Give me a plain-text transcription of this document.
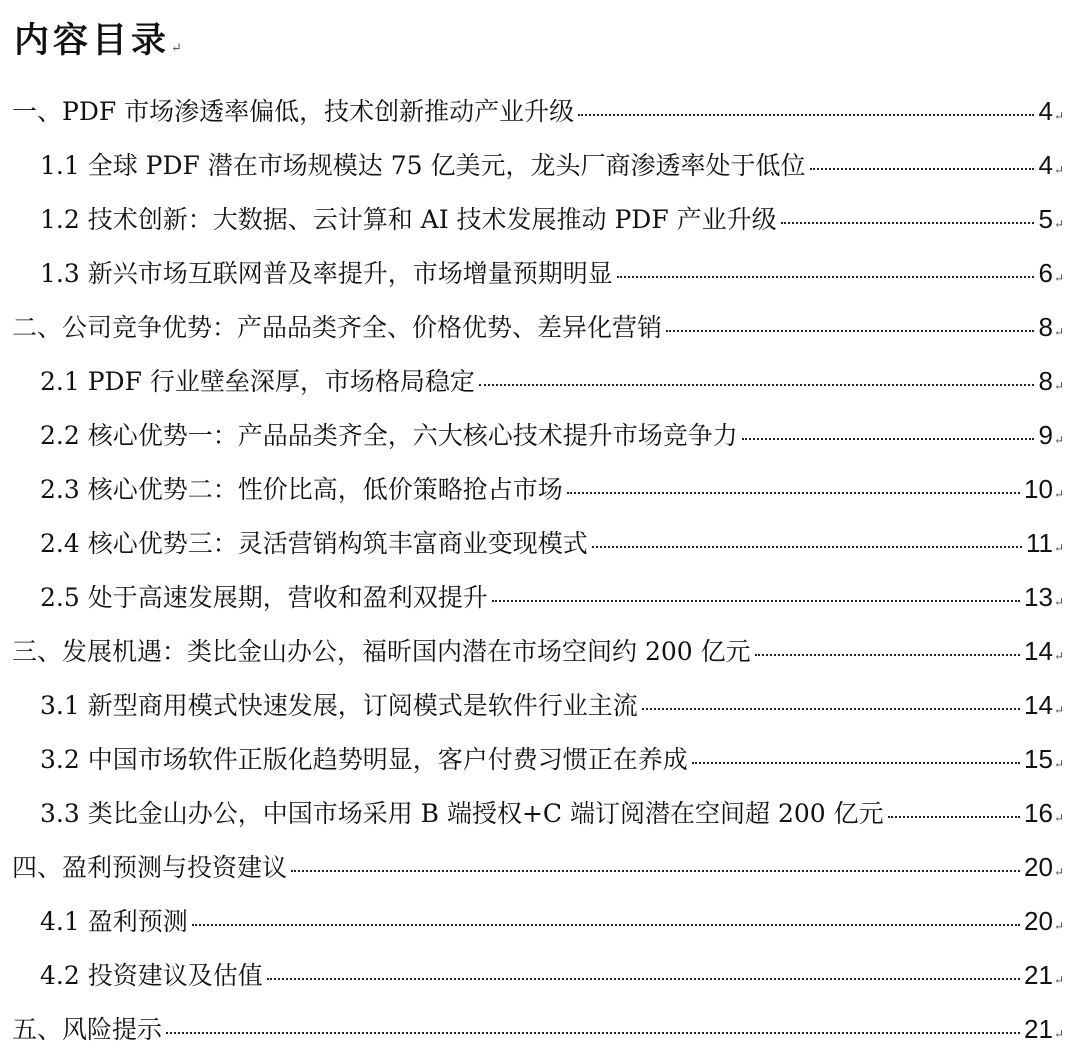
内容目录↵
一、PDF 市场渗透率偏低，技术创新推动产业升级	4 ↵
1.1 全球 PDF 潜在市场规模达 75 亿美元，龙头厂商渗透率处于低位	4 ↵
1.2 技术创新：大数据、云计算和 AI 技术发展推动 PDF 产业升级	5 ↵
1.3 新兴市场互联网普及率提升，市场增量预期明显	6 ↵
二、公司竞争优势：产品品类齐全、价格优势、差异化营销	8 ↵
2.1 PDF 行业壁垒深厚，市场格局稳定	8 ↵
2.2 核心优势一：产品品类齐全，六大核心技术提升市场竞争力	9 ↵
2.3 核心优势二：性价比高，低价策略抢占市场	10 ↵
2.4 核心优势三：灵活营销构筑丰富商业变现模式	11 ↵
2.5 处于高速发展期，营收和盈利双提升	13 ↵
三、发展机遇：类比金山办公，福昕国内潜在市场空间约 200 亿元	14 ↵
3.1 新型商用模式快速发展，订阅模式是软件行业主流	14 ↵
3.2 中国市场软件正版化趋势明显，客户付费习惯正在养成	15 ↵
3.3 类比金山办公，中国市场采用 B 端授权+C 端订阅潜在空间超 200 亿元	16 ↵
四、盈利预测与投资建议	20 ↵
4.1 盈利预测	20 ↵
4.2 投资建议及估值	21 ↵
五、风险提示	21 ↵
